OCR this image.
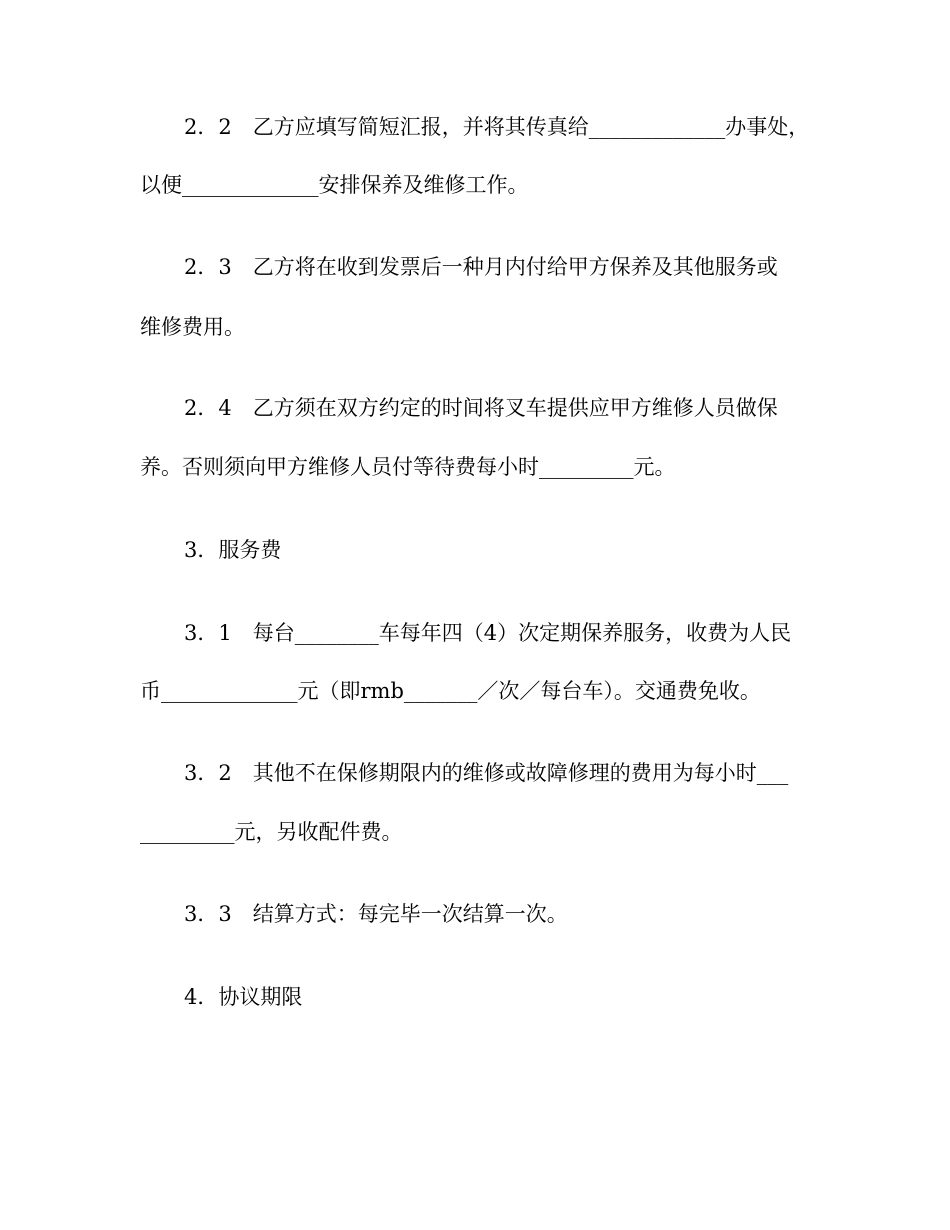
2．2　乙方应填写简短汇报，并将其传真给_____________办事处，

以便_____________安排保养及维修工作。

2．3　乙方将在收到发票后一种月内付给甲方保养及其他服务或

维修费用。

2．4　乙方须在双方约定的时间将叉车提供应甲方维修人员做保

养。否则须向甲方维修人员付等待费每小时_________元。

3．服务费

3．1　每台________车每年四（4）次定期保养服务，收费为人民

币_____________元（即rmb_______／次／每台车）。交通费免收。

3．2　其他不在保修期限内的维修或故障修理的费用为每小时___

_________元，另收配件费。

3．3　结算方式：每完毕一次结算一次。

4．协议期限
